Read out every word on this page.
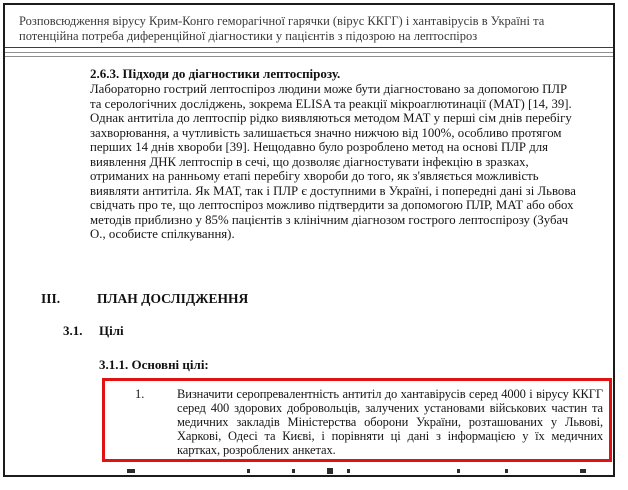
Розповсюдження вірусу Крим-Конго геморагічної гарячки (вірус ККГГ) і хантавірусів в Україні та
потенційна потреба диференційної діагностики у пацієнтів з підозрою на лептоспіроз
2.6.3. Підходи до діагностики лептоспірозу.

Лабораторно гострий лептоспіроз людини може бути діагностовано за допомогою ПЛР та серологічних досліджень, зокрема ELISA та реакції мікроаглютинації (МАТ) [14, 39]. Однак антитіла до лептоспір рідко виявляються методом МАТ у перші сім днів перебігу захворювання, а чутливість залишається значно нижчою від 100%, особливо протягом перших 14 днів хвороби [39]. Нещодавно було розроблено метод на основі ПЛР для виявлення ДНК лептоспір в сечі, що дозволяє діагностувати інфекцію в зразках, отриманих на ранньому етапі перебігу хвороби до того, як з'являється можливість виявляти антитіла. Як МАТ, так і ПЛР є доступними в Україні, і попередні дані зі Львова свідчать про те, що лептоспіроз можливо підтвердити за допомогою ПЛР, МАТ або обох методів приблизно у 85% пацієнтів з клінічним діагнозом гострого лептоспірозу (Зубач О., особисте спілкування).

III.	ПЛАН ДОСЛІДЖЕННЯ
3.1. Цілі
3.1.1. Основні цілі:
1.	Визначити серопревалентність антитіл до хантавірусів серед 4000 і вірусу ККГГ серед 400 здорових добровольців, залучених установами військових частин та медичних закладів Міністерства оборони України, розташованих у Львові, Харкові, Одесі та Києві, і порівняти ці дані з інформацією у їх медичних картках, розроблених анкетах.
